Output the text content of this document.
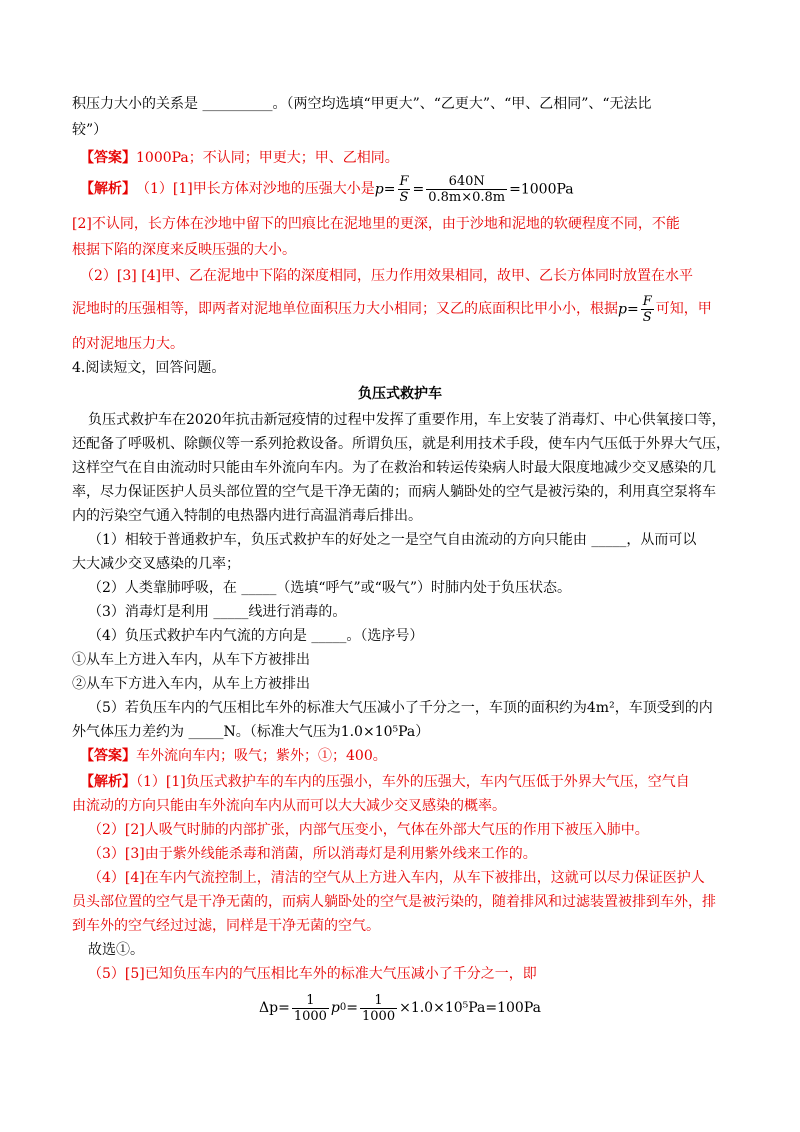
积压力大小的关系是 __________。（两空均选填“甲更大”、“乙更大”、“甲、乙相同”、“无法比
较”）
【答案】1000Pa；不认同；甲更大；甲、乙相同。
【解析】 （1）[1]甲长方体对沙地的压强大小是 $p= \frac{F}{S} = \frac{640N}{0.8m\times 0.8m} =1000Pa$
[2]不认同，长方体在沙地中留下的凹痕比在泥地里的更深，由于沙地和泥地的软硬程度不同，不能
根据下陷的深度来反映压强的大小。
（2）[3] [4]甲、乙在泥地中下陷的深度相同，压力作用效果相同，故甲、乙长方体同时放置在水平
泥地时的压强相等，即两者对泥地单位面积压力大小相同；又乙的底面积比甲小小，根据 $p= \frac{F}{S}$ 可知，甲
的对泥地压力大。
4.阅读短文，回答问题。
负压式救护车
负压式救护车在2020年抗击新冠疫情的过程中发挥了重要作用，车上安装了消毒灯、中心供氧接口等，
还配备了呼吸机、除颤仪等一系列抢救设备。所谓负压，就是利用技术手段，使车内气压低于外界大气压，
这样空气在自由流动时只能由车外流向车内。为了在救治和转运传染病人时最大限度地减少交叉感染的几
率，尽力保证医护人员头部位置的空气是干净无菌的；而病人躺卧处的空气是被污染的，利用真空泵将车
内的污染空气通入特制的电热器内进行高温消毒后排出。
（1）相较于普通救护车，负压式救护车的好处之一是空气自由流动的方向只能由 _____，从而可以
大大减少交叉感染的几率；
（2）人类靠肺呼吸，在 _____（选填“呼气”或“吸气”）时肺内处于负压状态。
（3）消毒灯是利用 _____线进行消毒的。
（4）负压式救护车内气流的方向是 _____。（选序号）
①从车上方进入车内，从车下方被排出
②从车下方进入车内，从车上方被排出
（5）若负压车内的气压相比车外的标准大气压减小了千分之一，车顶的面积约为4m²，车顶受到的内
外气体压力差约为 _____N。（标准大气压为1.0×10⁵Pa）
【答案】车外流向车内；吸气；紫外；①；400。
【解析】（1）[1]负压式救护车的车内的压强小，车外的压强大，车内气压低于外界大气压，空气自
由流动的方向只能由车外流向车内从而可以大大减少交叉感染的概率。
（2）[2]人吸气时肺的内部扩张，内部气压变小，气体在外部大气压的作用下被压入肺中。
（3）[3]由于紫外线能杀毒和消菌，所以消毒灯是利用紫外线来工作的。
（4）[4]在车内气流控制上，清洁的空气从上方进入车内，从车下被排出，这就可以尽力保证医护人
员头部位置的空气是干净无菌的，而病人躺卧处的空气是被污染的，随着排风和过滤装置被排到车外，排
到车外的空气经过过滤，同样是干净无菌的空气。
故选①。
（5）[5]已知负压车内的气压相比车外的标准大气压减小了千分之一，即
$\Delta p= \frac{1}{1000}$ p $0 = \frac{1}{1000} \times 1.0\times 10^5Pa=100Pa$
